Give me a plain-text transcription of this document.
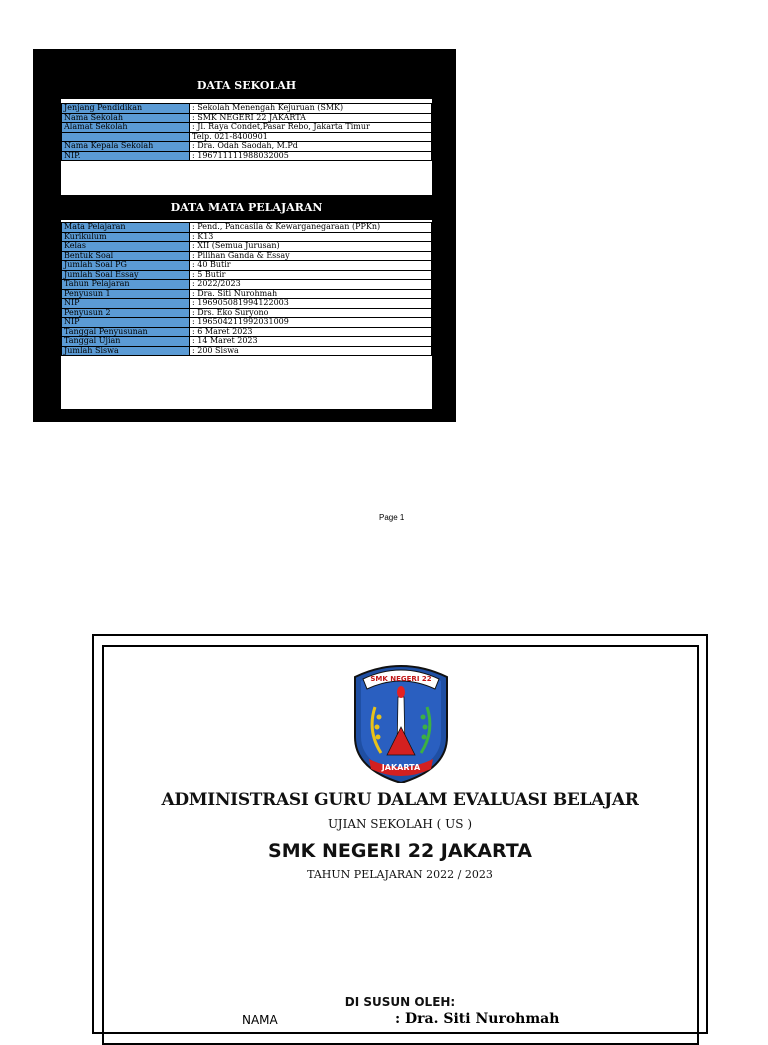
DATA SEKOLAH
Jenjang Pendidikan	: Sekolah Menengah Kejuruan (SMK)
Nama Sekolah	: SMK NEGERI 22 JAKARTA
Alamat Sekolah	: Jl. Raya Condet,Pasar Rebo, Jakarta Timur
	Telp. 021-8400901
Nama Kepala Sekolah	: Dra. Odah Saodah, M.Pd
NIP.	: 196711111988032005
DATA MATA PELAJARAN
Mata Pelajaran	: Pend., Pancasila & Kewarganegaraan (PPKn)
Kurikulum	: K13
Kelas	: XII (Semua Jurusan)
Bentuk Soal	: Pilihan Ganda & Essay
Jumlah Soal PG	: 40 Butir
Jumlah Soal Essay	: 5 Butir
Tahun Pelajaran	: 2022/2023
Penyusun 1	: Dra. Siti Nurohmah
NIP	: 196905081994122003
Penyusun 2	: Drs. Eko Suryono
NIP	: 196504211992031009
Tanggal Penyusunan	: 6 Maret 2023
Tanggal Ujian	: 14 Maret 2023
Jumlah Siswa	: 200 Siswa
Page 1
SMK NEGERI 22
JAKARTA
ADMINISTRASI GURU DALAM EVALUASI BELAJAR
UJIAN SEKOLAH ( US )
SMK NEGERI 22 JAKARTA
TAHUN PELAJARAN 2022 / 2023
DI SUSUN OLEH:
NAMA	: Dra. Siti Nurohmah
